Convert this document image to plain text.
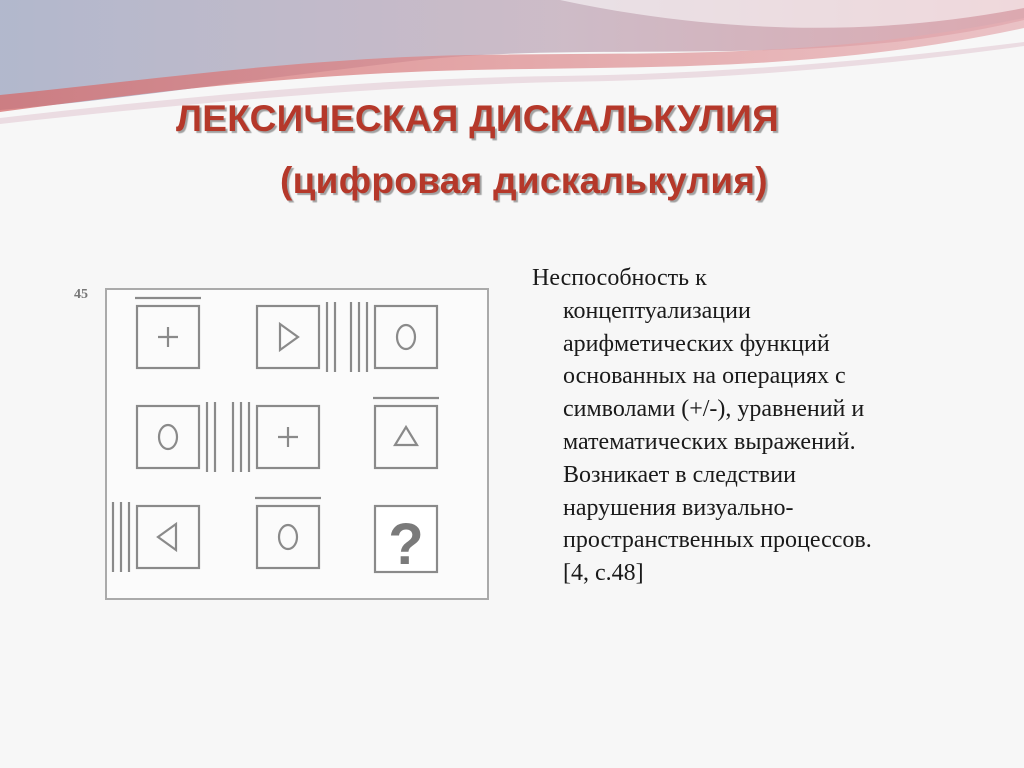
ЛЕКСИЧЕСКАЯ ДИСКАЛЬКУЛИЯ
(цифровая дискалькулия)
45
?
Неспособность к
концептуализации
арифметических функций
основанных на операциях с
символами (+/-), уравнений и
математических выражений.
Возникает в следствии
нарушения визуально-
пространственных процессов.
[4, с.48]
